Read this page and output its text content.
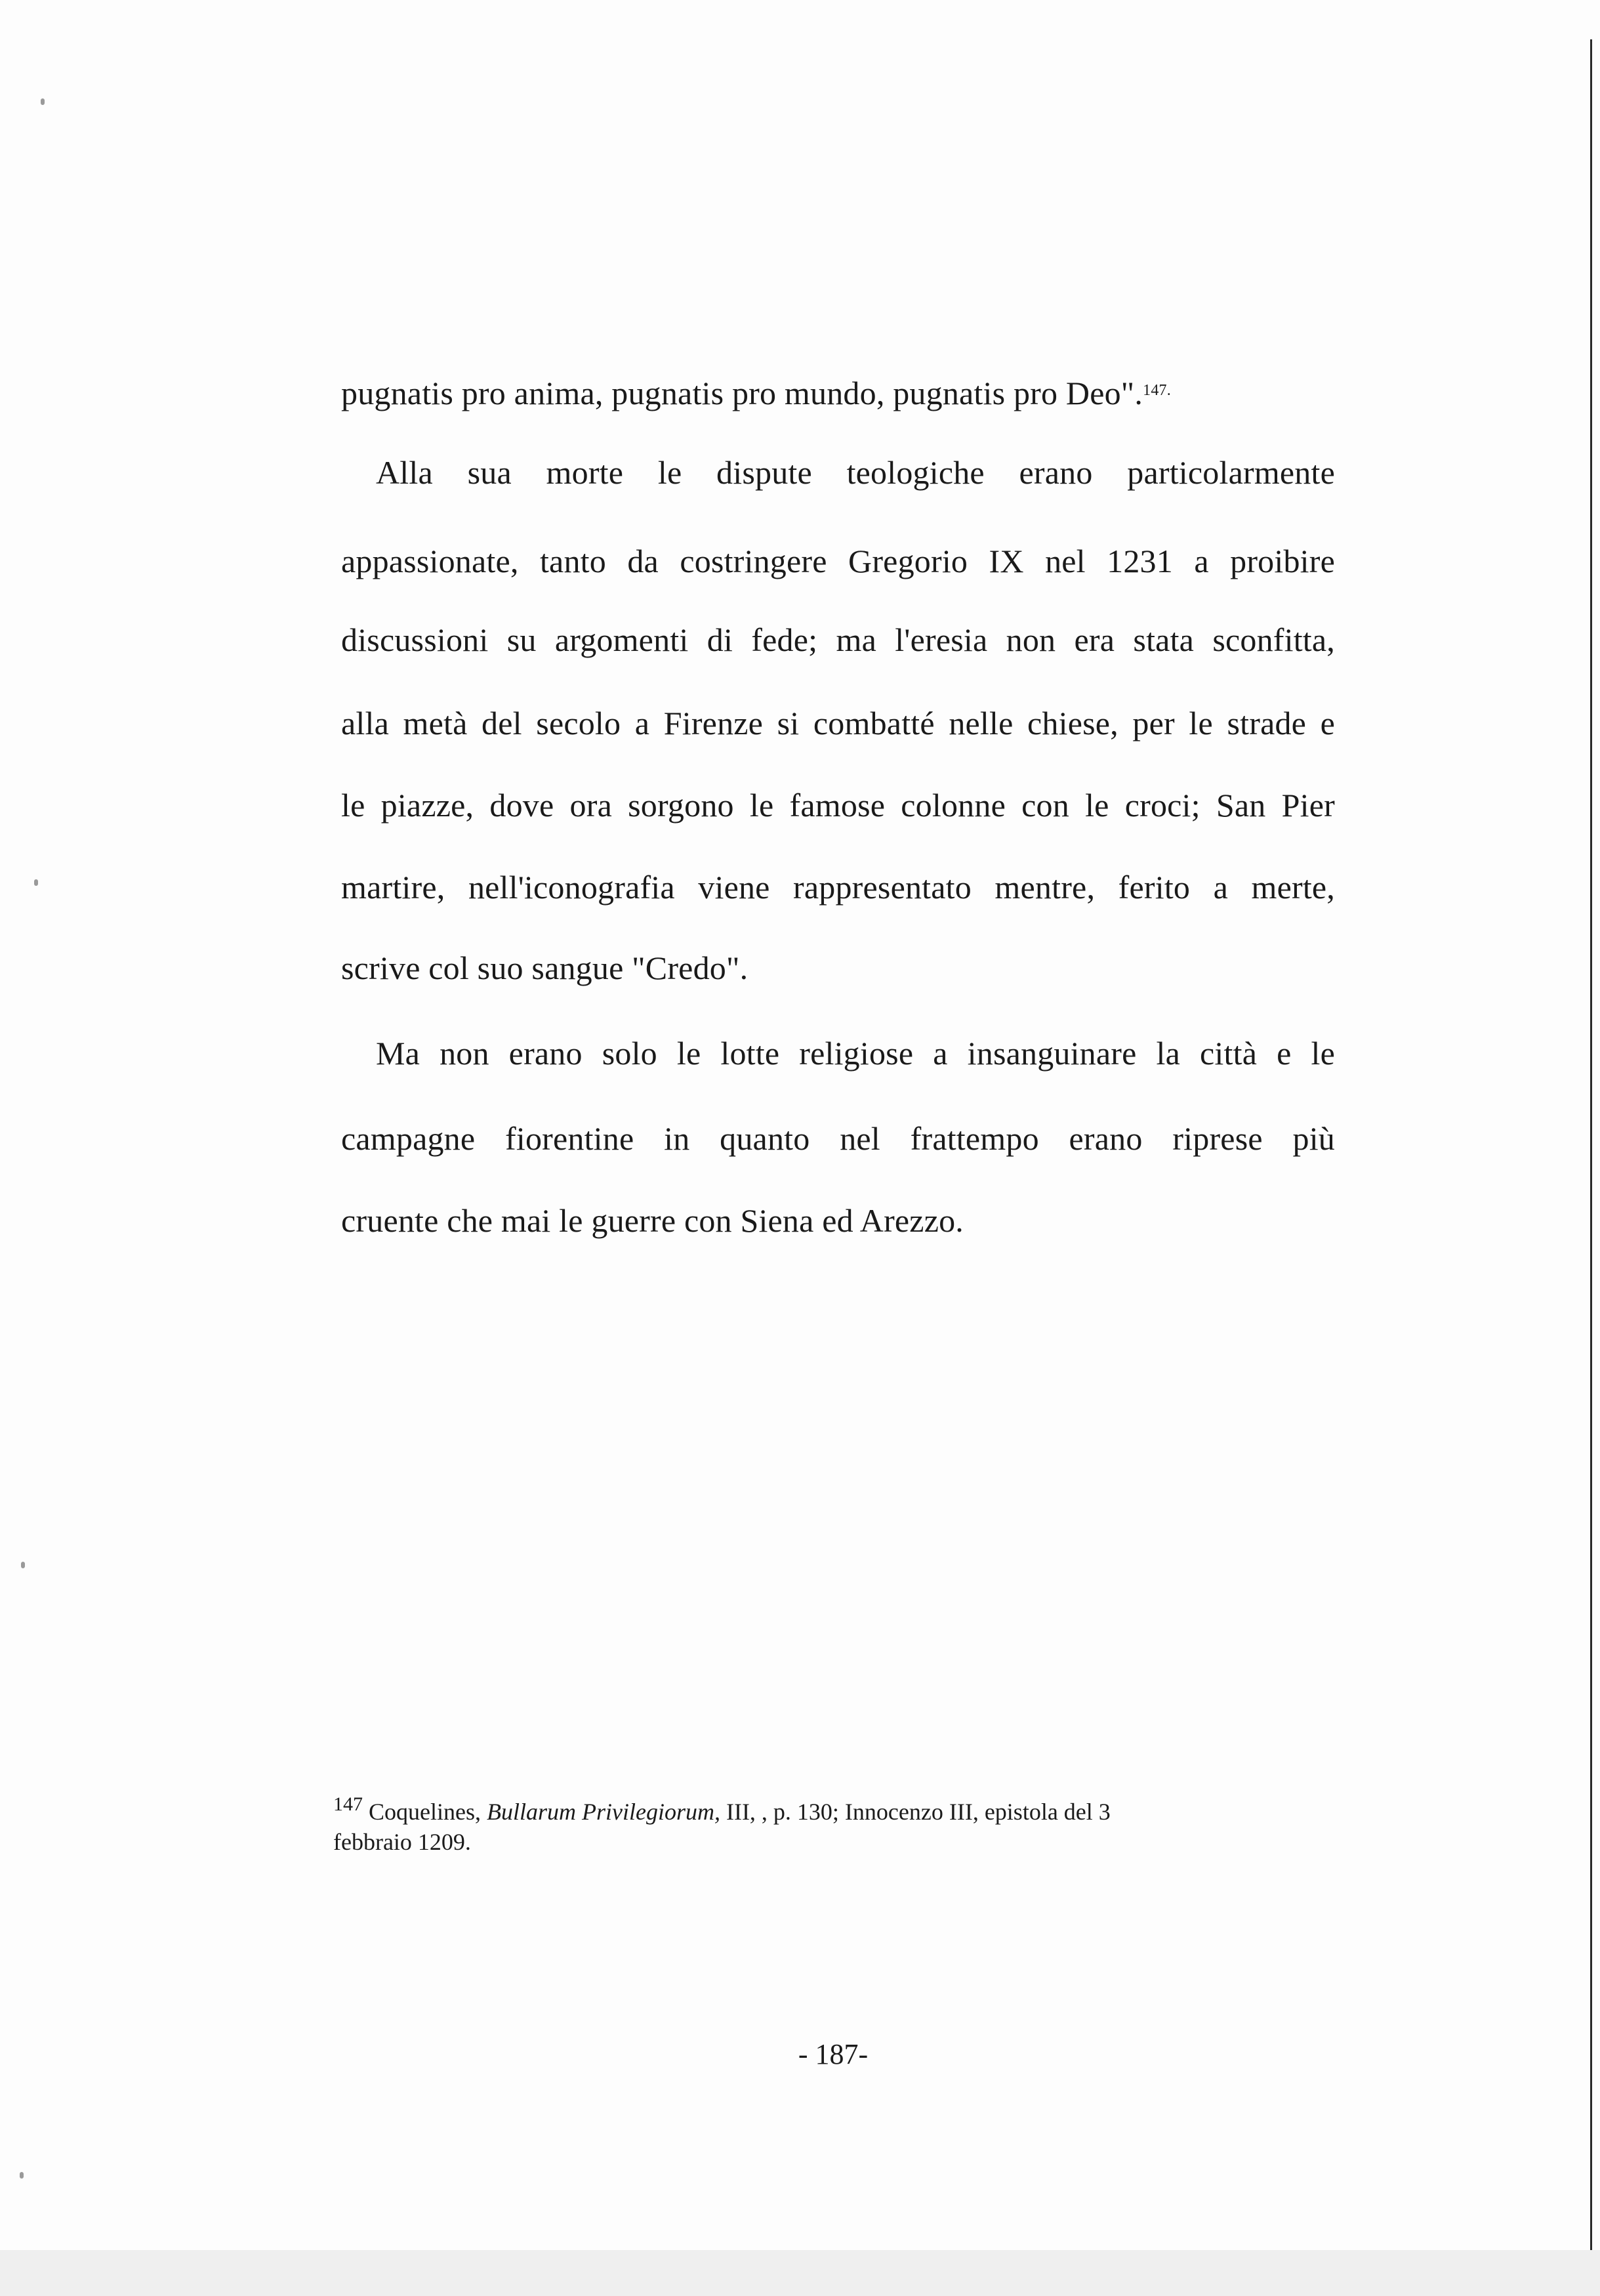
pugnatis pro anima, pugnatis pro mundo, pugnatis pro Deo".$^{147.}$
Alla sua morte le dispute teologiche erano particolarmente
appassionate, tanto da costringere Gregorio IX nel 1231 a proibire
discussioni su argomenti di fede; ma l'eresia non era stata sconfitta,
alla metà del secolo a Firenze si combatté nelle chiese, per le strade e
le piazze, dove ora sorgono le famose colonne con le croci; San Pier
martire, nell'iconografia viene rappresentato mentre, ferito a merte,
scrive col suo sangue "Credo".
Ma non erano solo le lotte religiose a insanguinare la città e le
campagne fiorentine in quanto nel frattempo erano riprese più
cruente che mai le guerre con Siena ed Arezzo.
$^{147}$ Coquelines, Bullarum Privilegiorum, III, , p. 130; Innocenzo III, epistola del 3
febbraio 1209.
- 187-
